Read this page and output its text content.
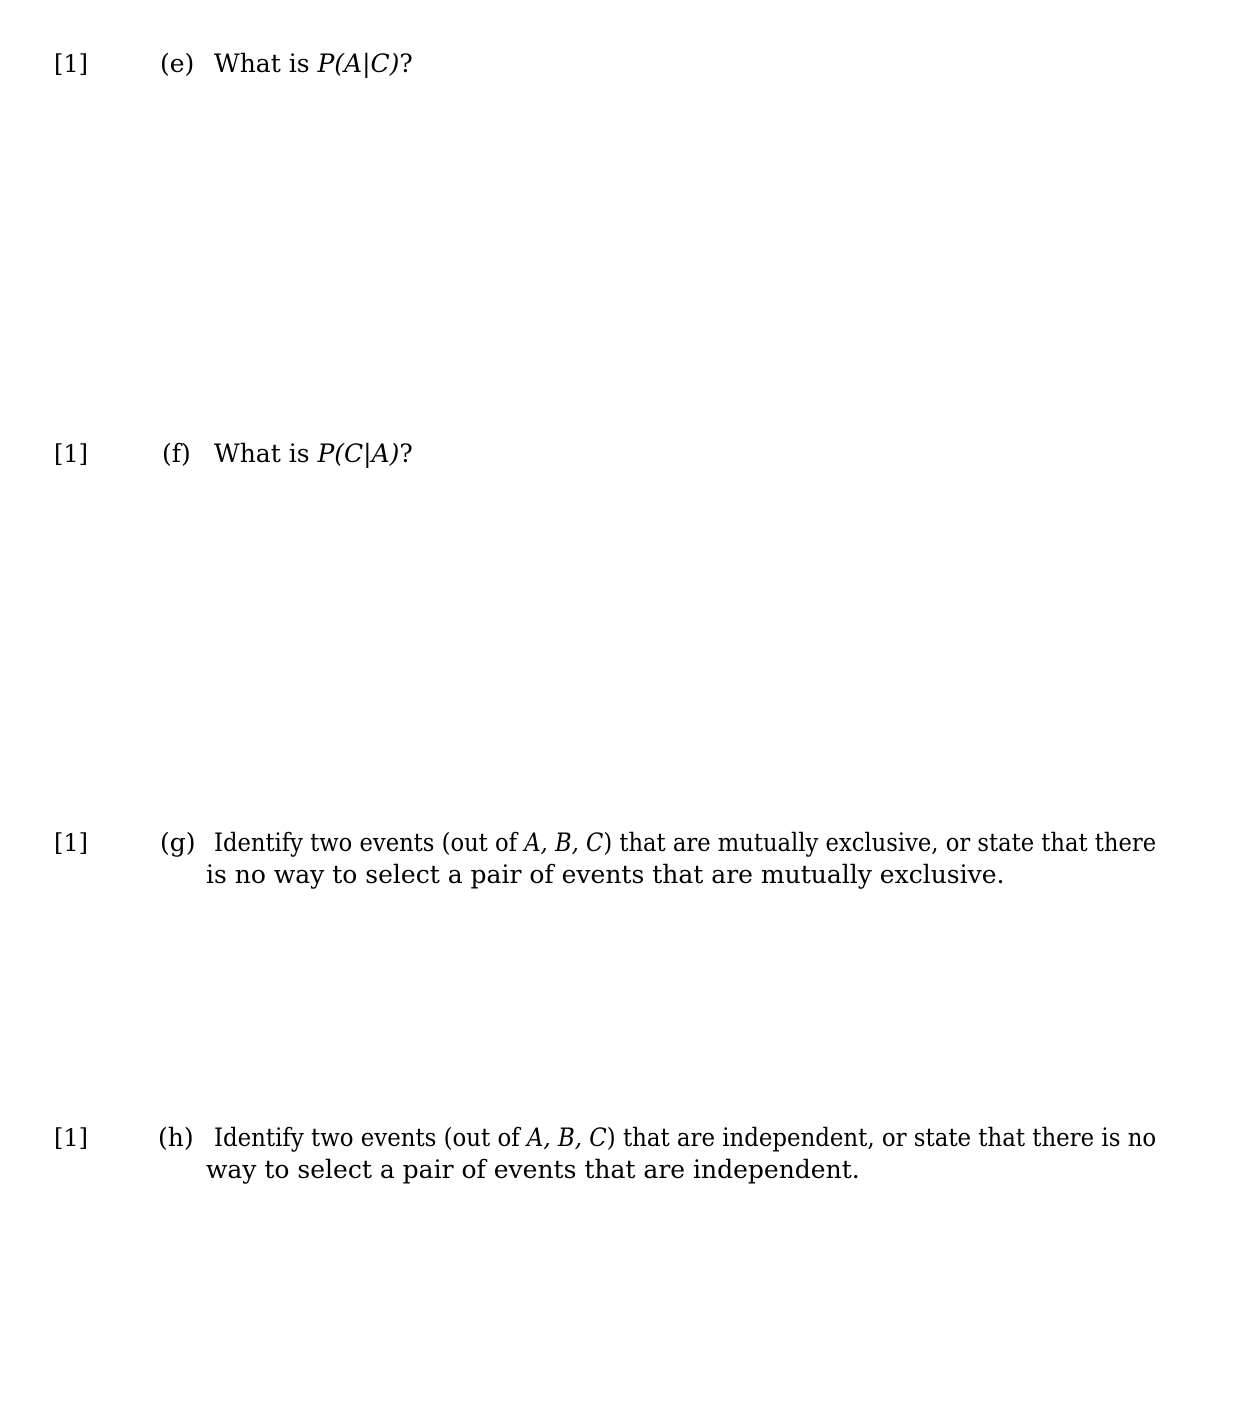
[1]	(e) What is P(A|C)?
[1]	(f) What is P(C|A)?
[1]	(g) Identify two events (out of A, B, C) that are mutually exclusive, or state that there
is no way to select a pair of events that are mutually exclusive.
[1]	(h) Identify two events (out of A, B, C) that are independent, or state that there is no
way to select a pair of events that are independent.
